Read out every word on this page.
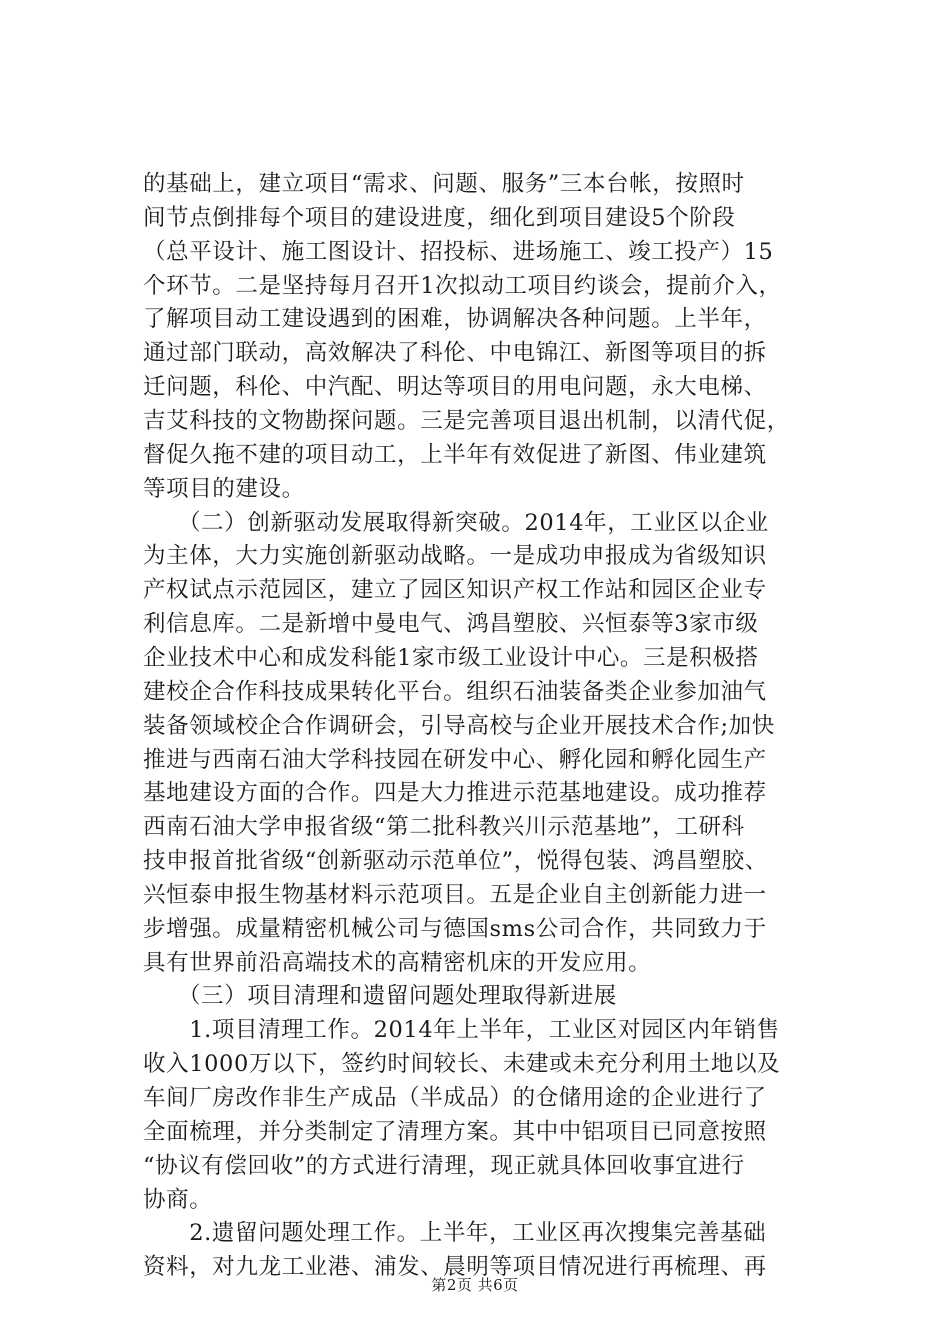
的基础上，建立项目“需求、问题、服务”三本台帐，按照时
间节点倒排每个项目的建设进度，细化到项目建设5个阶段
（总平设计、施工图设计、招投标、进场施工、竣工投产）15
个环节。二是坚持每月召开1次拟动工项目约谈会，提前介入，
了解项目动工建设遇到的困难，协调解决各种问题。上半年，
通过部门联动，高效解决了科伦、中电锦江、新图等项目的拆
迁问题，科伦、中汽配、明达等项目的用电问题，永大电梯、
吉艾科技的文物勘探问题。三是完善项目退出机制，以清代促，
督促久拖不建的项目动工，上半年有效促进了新图、伟业建筑
等项目的建设。
　　（二）创新驱动发展取得新突破。2014年，工业区以企业
为主体，大力实施创新驱动战略。一是成功申报成为省级知识
产权试点示范园区，建立了园区知识产权工作站和园区企业专
利信息库。二是新增中曼电气、鸿昌塑胶、兴恒泰等3家市级
企业技术中心和成发科能1家市级工业设计中心。三是积极搭
建校企合作科技成果转化平台。组织石油装备类企业参加油气
装备领域校企合作调研会，引导高校与企业开展技术合作;加快
推进与西南石油大学科技园在研发中心、孵化园和孵化园生产
基地建设方面的合作。四是大力推进示范基地建设。成功推荐
西南石油大学申报省级“第二批科教兴川示范基地”，工研科
技申报首批省级“创新驱动示范单位”，悦得包装、鸿昌塑胶、
兴恒泰申报生物基材料示范项目。五是企业自主创新能力进一
步增强。成量精密机械公司与德国sms公司合作，共同致力于
具有世界前沿高端技术的高精密机床的开发应用。
　　（三）项目清理和遗留问题处理取得新进展
　　1.项目清理工作。2014年上半年，工业区对园区内年销售
收入1000万以下，签约时间较长、未建或未充分利用土地以及
车间厂房改作非生产成品（半成品）的仓储用途的企业进行了
全面梳理，并分类制定了清理方案。其中中铝项目已同意按照
“协议有偿回收”的方式进行清理，现正就具体回收事宜进行
协商。
　　2.遗留问题处理工作。上半年，工业区再次搜集完善基础
资料，对九龙工业港、浦发、晨明等项目情况进行再梳理、再
第2页 共6页
